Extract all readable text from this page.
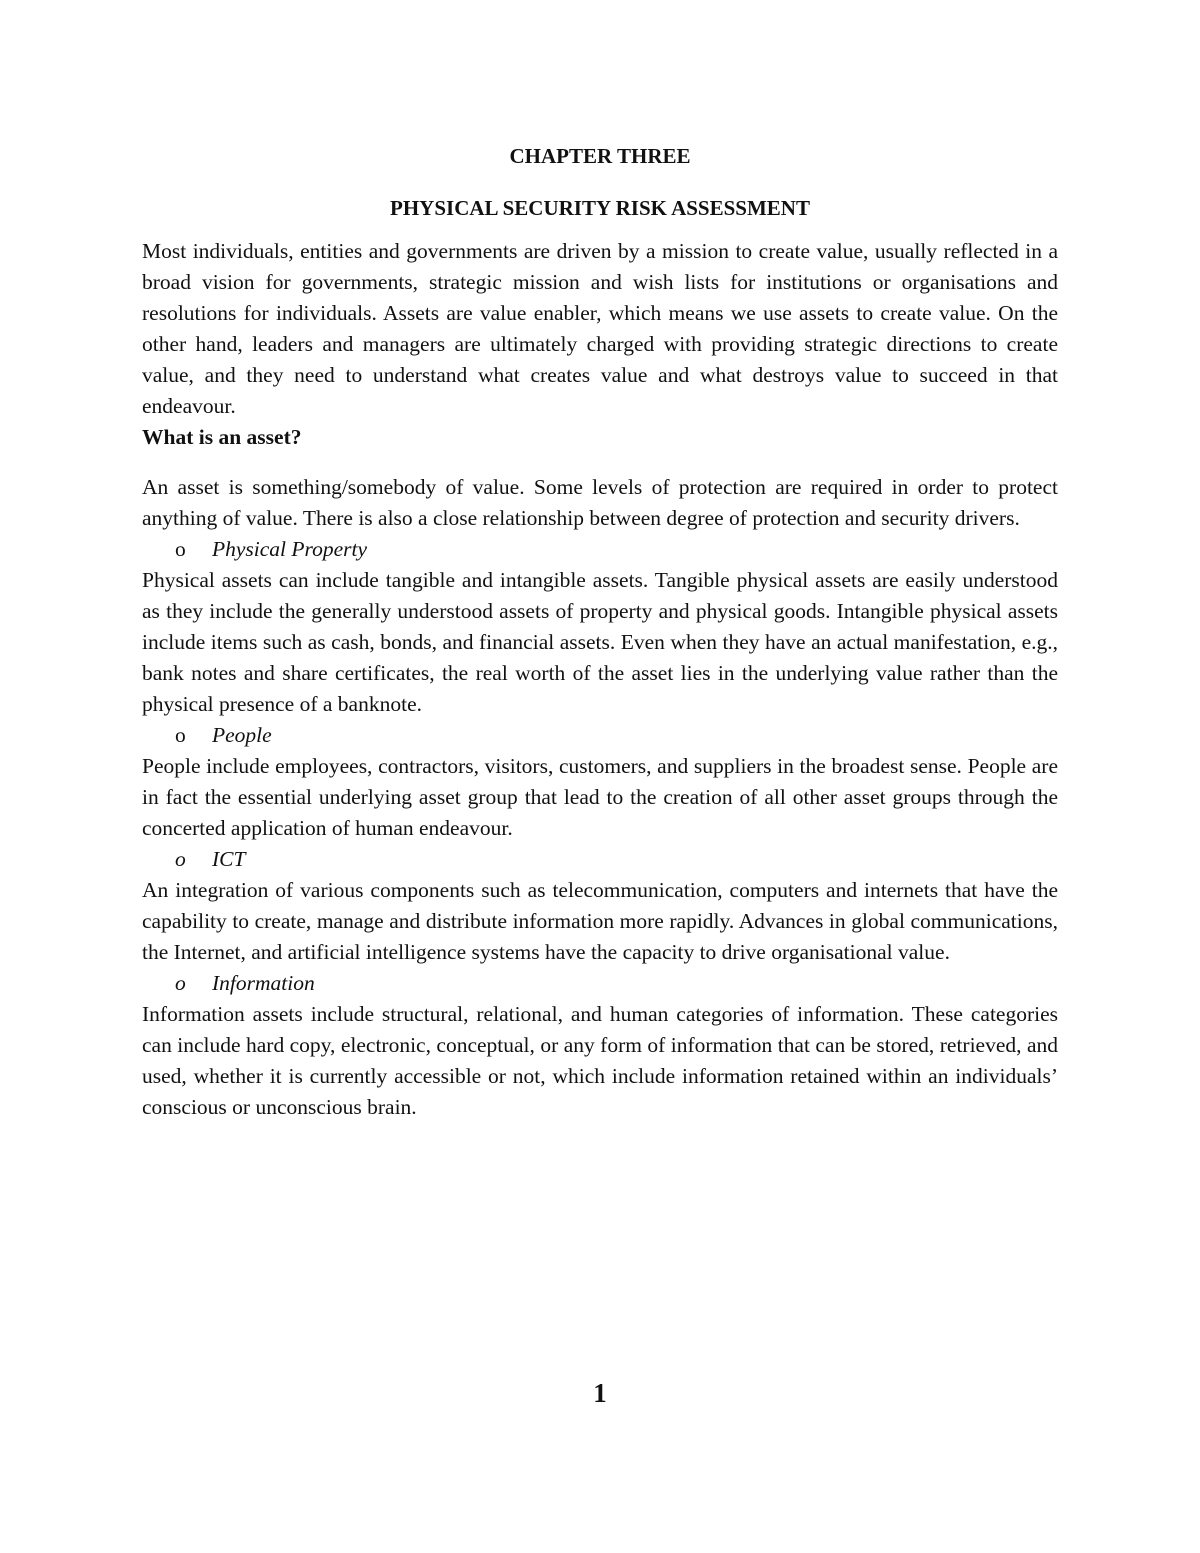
CHAPTER THREE
PHYSICAL SECURITY RISK ASSESSMENT

Most individuals, entities and governments are driven by a mission to create value, usually reflected in a broad vision for governments, strategic mission and wish lists for institutions or organisations and resolutions for individuals. Assets are value enabler, which means we use assets to create value. On the other hand, leaders and managers are ultimately charged with providing strategic directions to create value, and they need to understand what creates value and what destroys value to succeed in that endeavour.

What is an asset?

An asset is something/somebody of value. Some levels of protection are required in order to protect anything of value. There is also a close relationship between degree of protection and security drivers.

o Physical Property

Physical assets can include tangible and intangible assets. Tangible physical assets are easily understood as they include the generally understood assets of property and physical goods. Intangible physical assets include items such as cash, bonds, and financial assets. Even when they have an actual manifestation, e.g., bank notes and share certificates, the real worth of the asset lies in the underlying value rather than the physical presence of a banknote.

o People

People include employees, contractors, visitors, customers, and suppliers in the broadest sense. People are in fact the essential underlying asset group that lead to the creation of all other asset groups through the concerted application of human endeavour.

o ICT

An integration of various components such as telecommunication, computers and internets that have the capability to create, manage and distribute information more rapidly. Advances in global communications, the Internet, and artificial intelligence systems have the capacity to drive organisational value.

o Information

Information assets include structural, relational, and human categories of information. These categories can include hard copy, electronic, conceptual, or any form of information that can be stored, retrieved, and used, whether it is currently accessible or not, which include information retained within an individuals’ conscious or unconscious brain.

1
